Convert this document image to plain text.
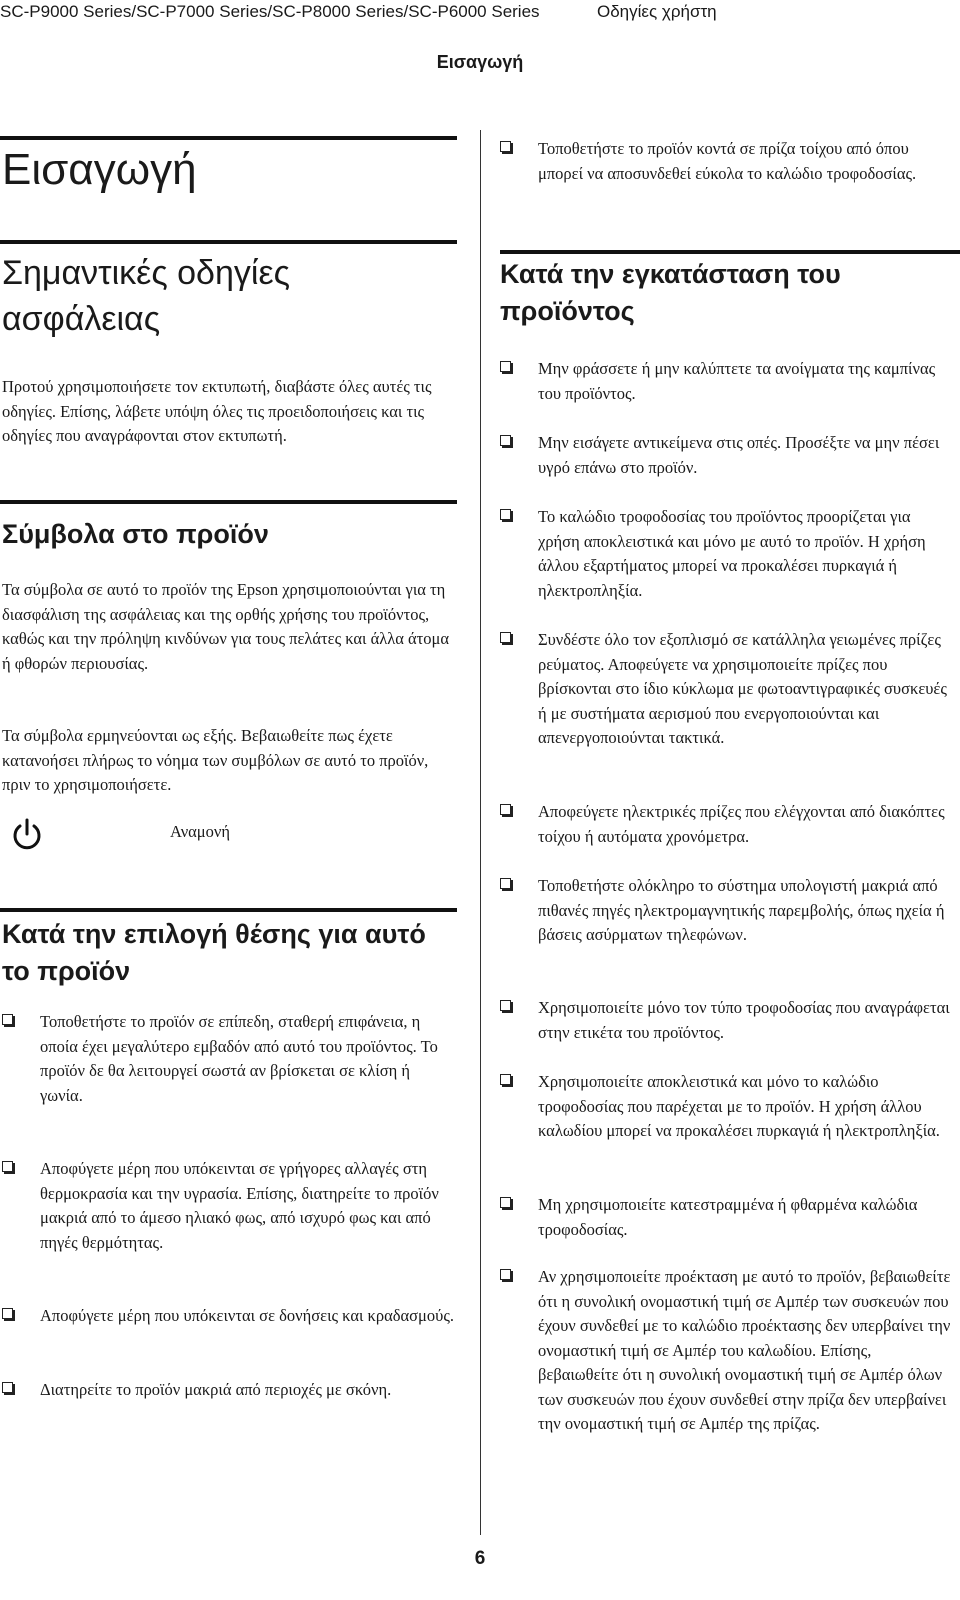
SC-P9000 Series/SC-P7000 Series/SC-P8000 Series/SC-P6000 Series	Οδηγίες χρήστη
Εισαγωγή
Εισαγωγή
Σημαντικές οδηγίες ασφάλειας

Προτού χρησιμοποιήσετε τον εκτυπωτή, διαβάστε όλες αυτές τις οδηγίες. Επίσης, λάβετε υπόψη όλες τις προειδοποιήσεις και τις οδηγίες που αναγράφονται στον εκτυπωτή.

Σύμβολα στο προϊόν

Τα σύμβολα σε αυτό το προϊόν της Epson χρησιμοποιούνται για τη διασφάλιση της ασφάλειας και της ορθής χρήσης του προϊόντος, καθώς και την πρόληψη κινδύνων για τους πελάτες και άλλα άτομα ή φθορών περιουσίας.

Τα σύμβολα ερμηνεύονται ως εξής. Βεβαιωθείτε πως έχετε κατανοήσει πλήρως το νόημα των συμβόλων σε αυτό το προϊόν, πριν το χρησιμοποιήσετε.

Αναμονή
Κατά την επιλογή θέσης για αυτό το προϊόν
Τοποθετήστε το προϊόν σε επίπεδη, σταθερή επιφάνεια, η οποία έχει μεγαλύτερο εμβαδόν από αυτό του προϊόντος. Το προϊόν δε θα λειτουργεί σωστά αν βρίσκεται σε κλίση ή γωνία.
Αποφύγετε μέρη που υπόκεινται σε γρήγορες αλλαγές στη θερμοκρασία και την υγρασία. Επίσης, διατηρείτε το προϊόν μακριά από το άμεσο ηλιακό φως, από ισχυρό φως και από πηγές θερμότητας.
Αποφύγετε μέρη που υπόκεινται σε δονήσεις και κραδασμούς.
Διατηρείτε το προϊόν μακριά από περιοχές με σκόνη.
Τοποθετήστε το προϊόν κοντά σε πρίζα τοίχου από όπου μπορεί να αποσυνδεθεί εύκολα το καλώδιο τροφοδοσίας.
Κατά την εγκατάσταση του προϊόντος
Μην φράσσετε ή μην καλύπτετε τα ανοίγματα της καμπίνας του προϊόντος.
Μην εισάγετε αντικείμενα στις οπές. Προσέξτε να μην πέσει υγρό επάνω στο προϊόν.
Το καλώδιο τροφοδοσίας του προϊόντος προορίζεται για χρήση αποκλειστικά και μόνο με αυτό το προϊόν. Η χρήση άλλου εξαρτήματος μπορεί να προκαλέσει πυρκαγιά ή ηλεκτροπληξία.
Συνδέστε όλο τον εξοπλισμό σε κατάλληλα γειωμένες πρίζες ρεύματος. Αποφεύγετε να χρησιμοποιείτε πρίζες που βρίσκονται στο ίδιο κύκλωμα με φωτοαντιγραφικές συσκευές ή με συστήματα αερισμού που ενεργοποιούνται και απενεργοποιούνται τακτικά.
Αποφεύγετε ηλεκτρικές πρίζες που ελέγχονται από διακόπτες τοίχου ή αυτόματα χρονόμετρα.
Τοποθετήστε ολόκληρο το σύστημα υπολογιστή μακριά από πιθανές πηγές ηλεκτρομαγνητικής παρεμβολής, όπως ηχεία ή βάσεις ασύρματων τηλεφώνων.
Χρησιμοποιείτε μόνο τον τύπο τροφοδοσίας που αναγράφεται στην ετικέτα του προϊόντος.
Χρησιμοποιείτε αποκλειστικά και μόνο το καλώδιο τροφοδοσίας που παρέχεται με το προϊόν. Η χρήση άλλου καλωδίου μπορεί να προκαλέσει πυρκαγιά ή ηλεκτροπληξία.
Μη χρησιμοποιείτε κατεστραμμένα ή φθαρμένα καλώδια τροφοδοσίας.
Αν χρησιμοποιείτε προέκταση με αυτό το προϊόν, βεβαιωθείτε ότι η συνολική ονομαστική τιμή σε Αμπέρ των συσκευών που έχουν συνδεθεί με το καλώδιο προέκτασης δεν υπερβαίνει την ονομαστική τιμή σε Αμπέρ του καλωδίου. Επίσης, βεβαιωθείτε ότι η συνολική ονομαστική τιμή σε Αμπέρ όλων των συσκευών που έχουν συνδεθεί στην πρίζα δεν υπερβαίνει την ονομαστική τιμή σε Αμπέρ της πρίζας.
6
